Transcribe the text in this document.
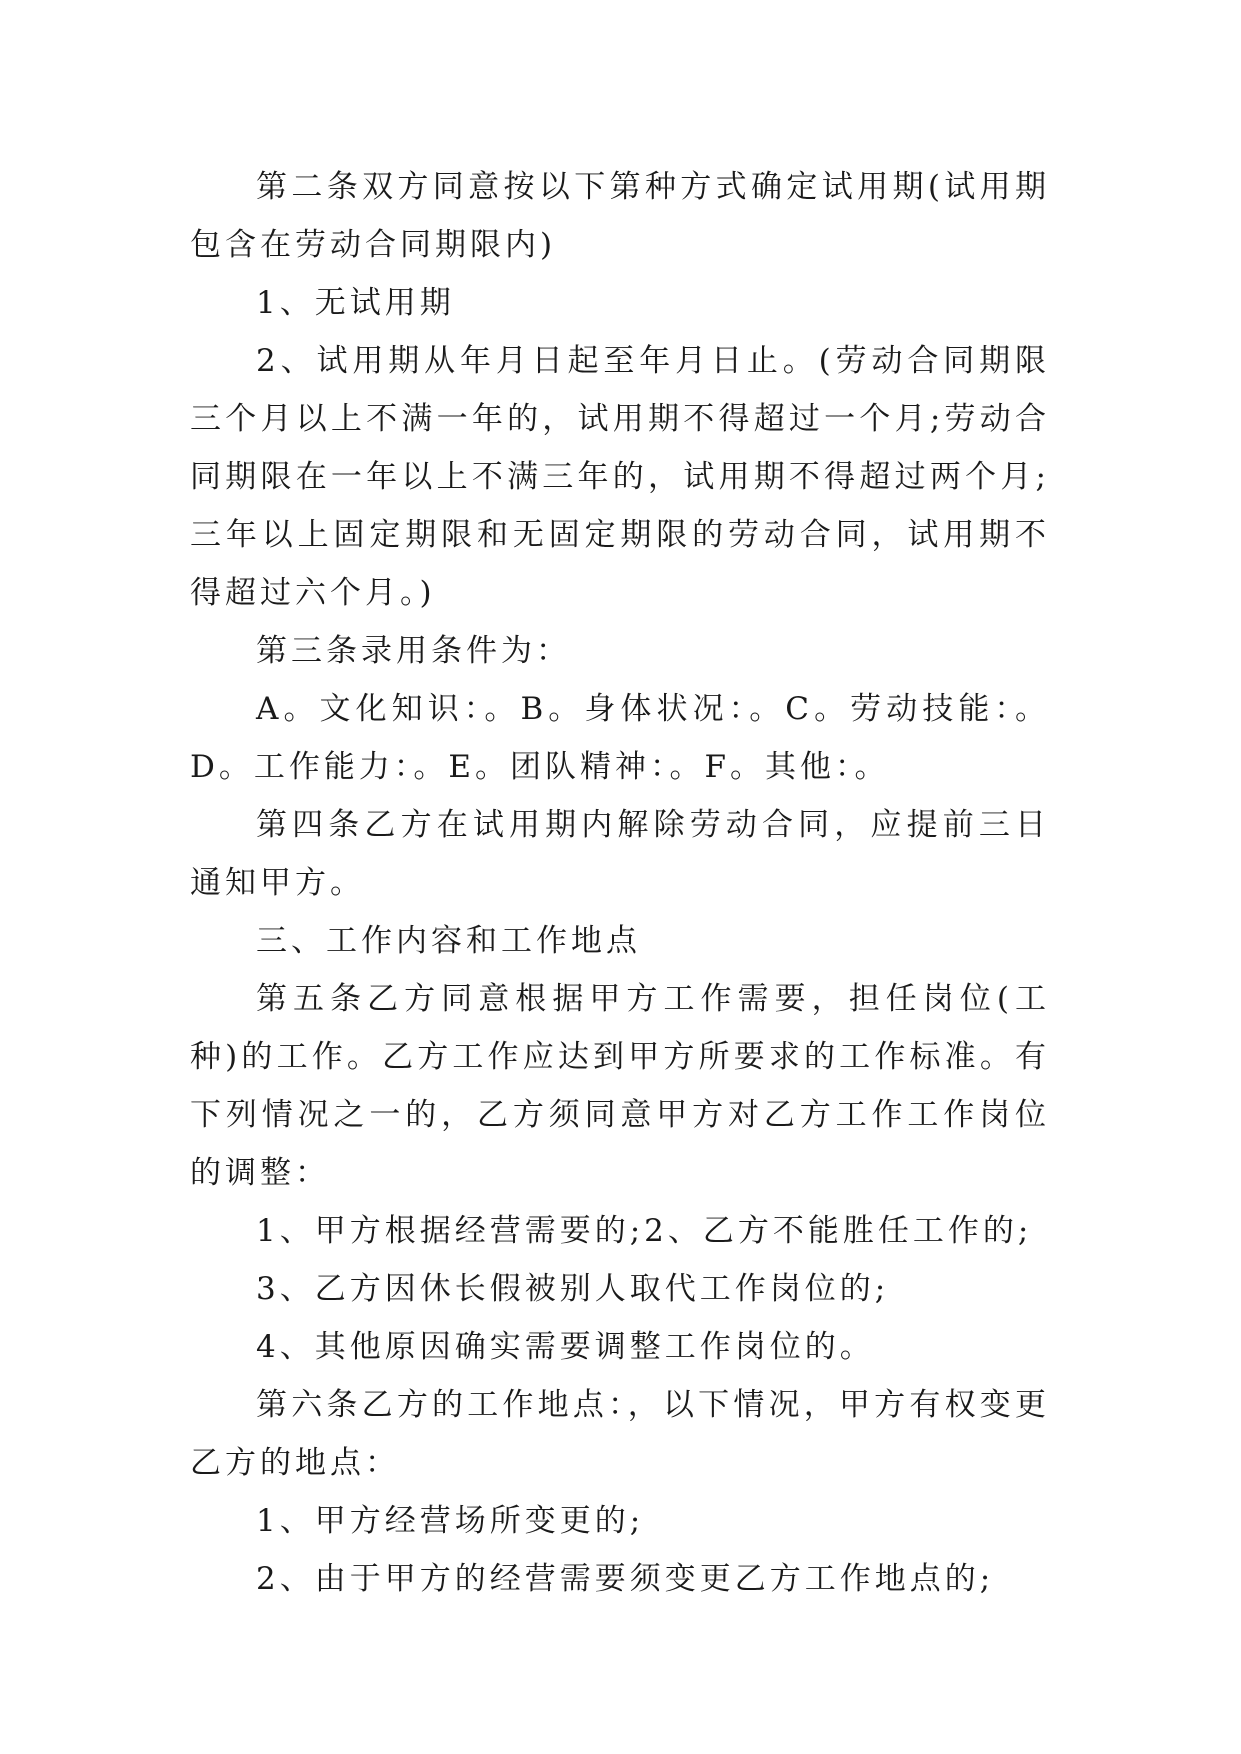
第二条双方同意按以下第种方式确定试用期(试用期包含在劳动合同期限内)

1、无试用期

2、试用期从年月日起至年月日止。(劳动合同期限三个月以上不满一年的，试用期不得超过一个月;劳动合同期限在一年以上不满三年的，试用期不得超过两个月;三年以上固定期限和无固定期限的劳动合同，试用期不得超过六个月。)

第三条录用条件为：

A。文化知识：。B。身体状况：。C。劳动技能：。D。工作能力：。E。团队精神：。F。其他：。

第四条乙方在试用期内解除劳动合同，应提前三日通知甲方。

三、工作内容和工作地点

第五条乙方同意根据甲方工作需要，担任岗位(工种)的工作。乙方工作应达到甲方所要求的工作标准。有下列情况之一的，乙方须同意甲方对乙方工作工作岗位的调整：

1、甲方根据经营需要的;2、乙方不能胜任工作的;

3、乙方因休长假被别人取代工作岗位的;

4、其他原因确实需要调整工作岗位的。

第六条乙方的工作地点：，以下情况，甲方有权变更乙方的地点：

1、甲方经营场所变更的;

2、由于甲方的经营需要须变更乙方工作地点的;
